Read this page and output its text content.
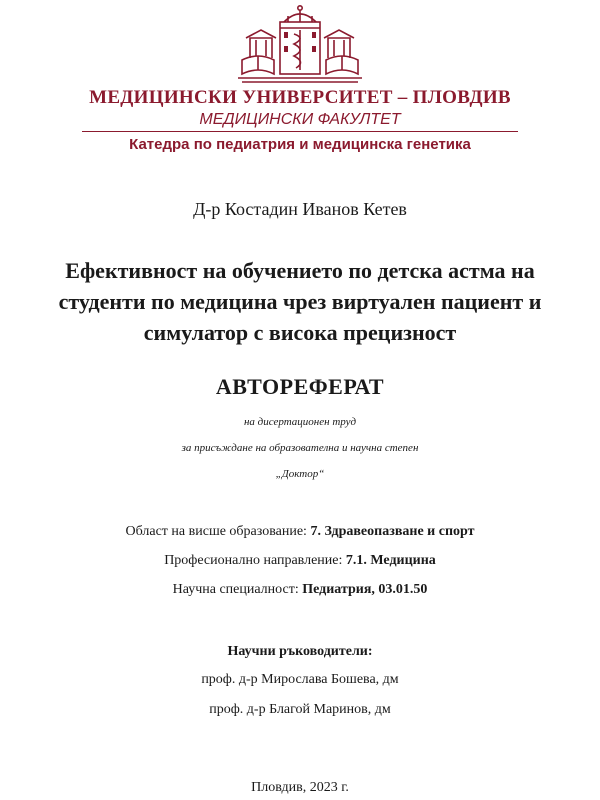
МЕДИЦИНСКИ УНИВЕРСИТЕТ – ПЛОВДИВ
МЕДИЦИНСКИ ФАКУЛТЕТ
Катедра по педиатрия и медицинска генетика
Д-р Костадин Иванов Кетев
Ефективност на обучението по детска астма на
студенти по медицина чрез виртуален пациент и
симулатор с висока прецизност
АВТОРЕФЕРАТ
на дисертационен труд
за присъждане на образователна и научна степен
„Доктор“
Област на висше образование: 7. Здравеопазване и спорт
Професионално направление: 7.1. Медицина
Научна специалност: Педиатрия, 03.01.50
Научни ръководители:
проф. д-р Мирослава Бошева, дм
проф. д-р Благой Маринов, дм
Пловдив, 2023 г.
